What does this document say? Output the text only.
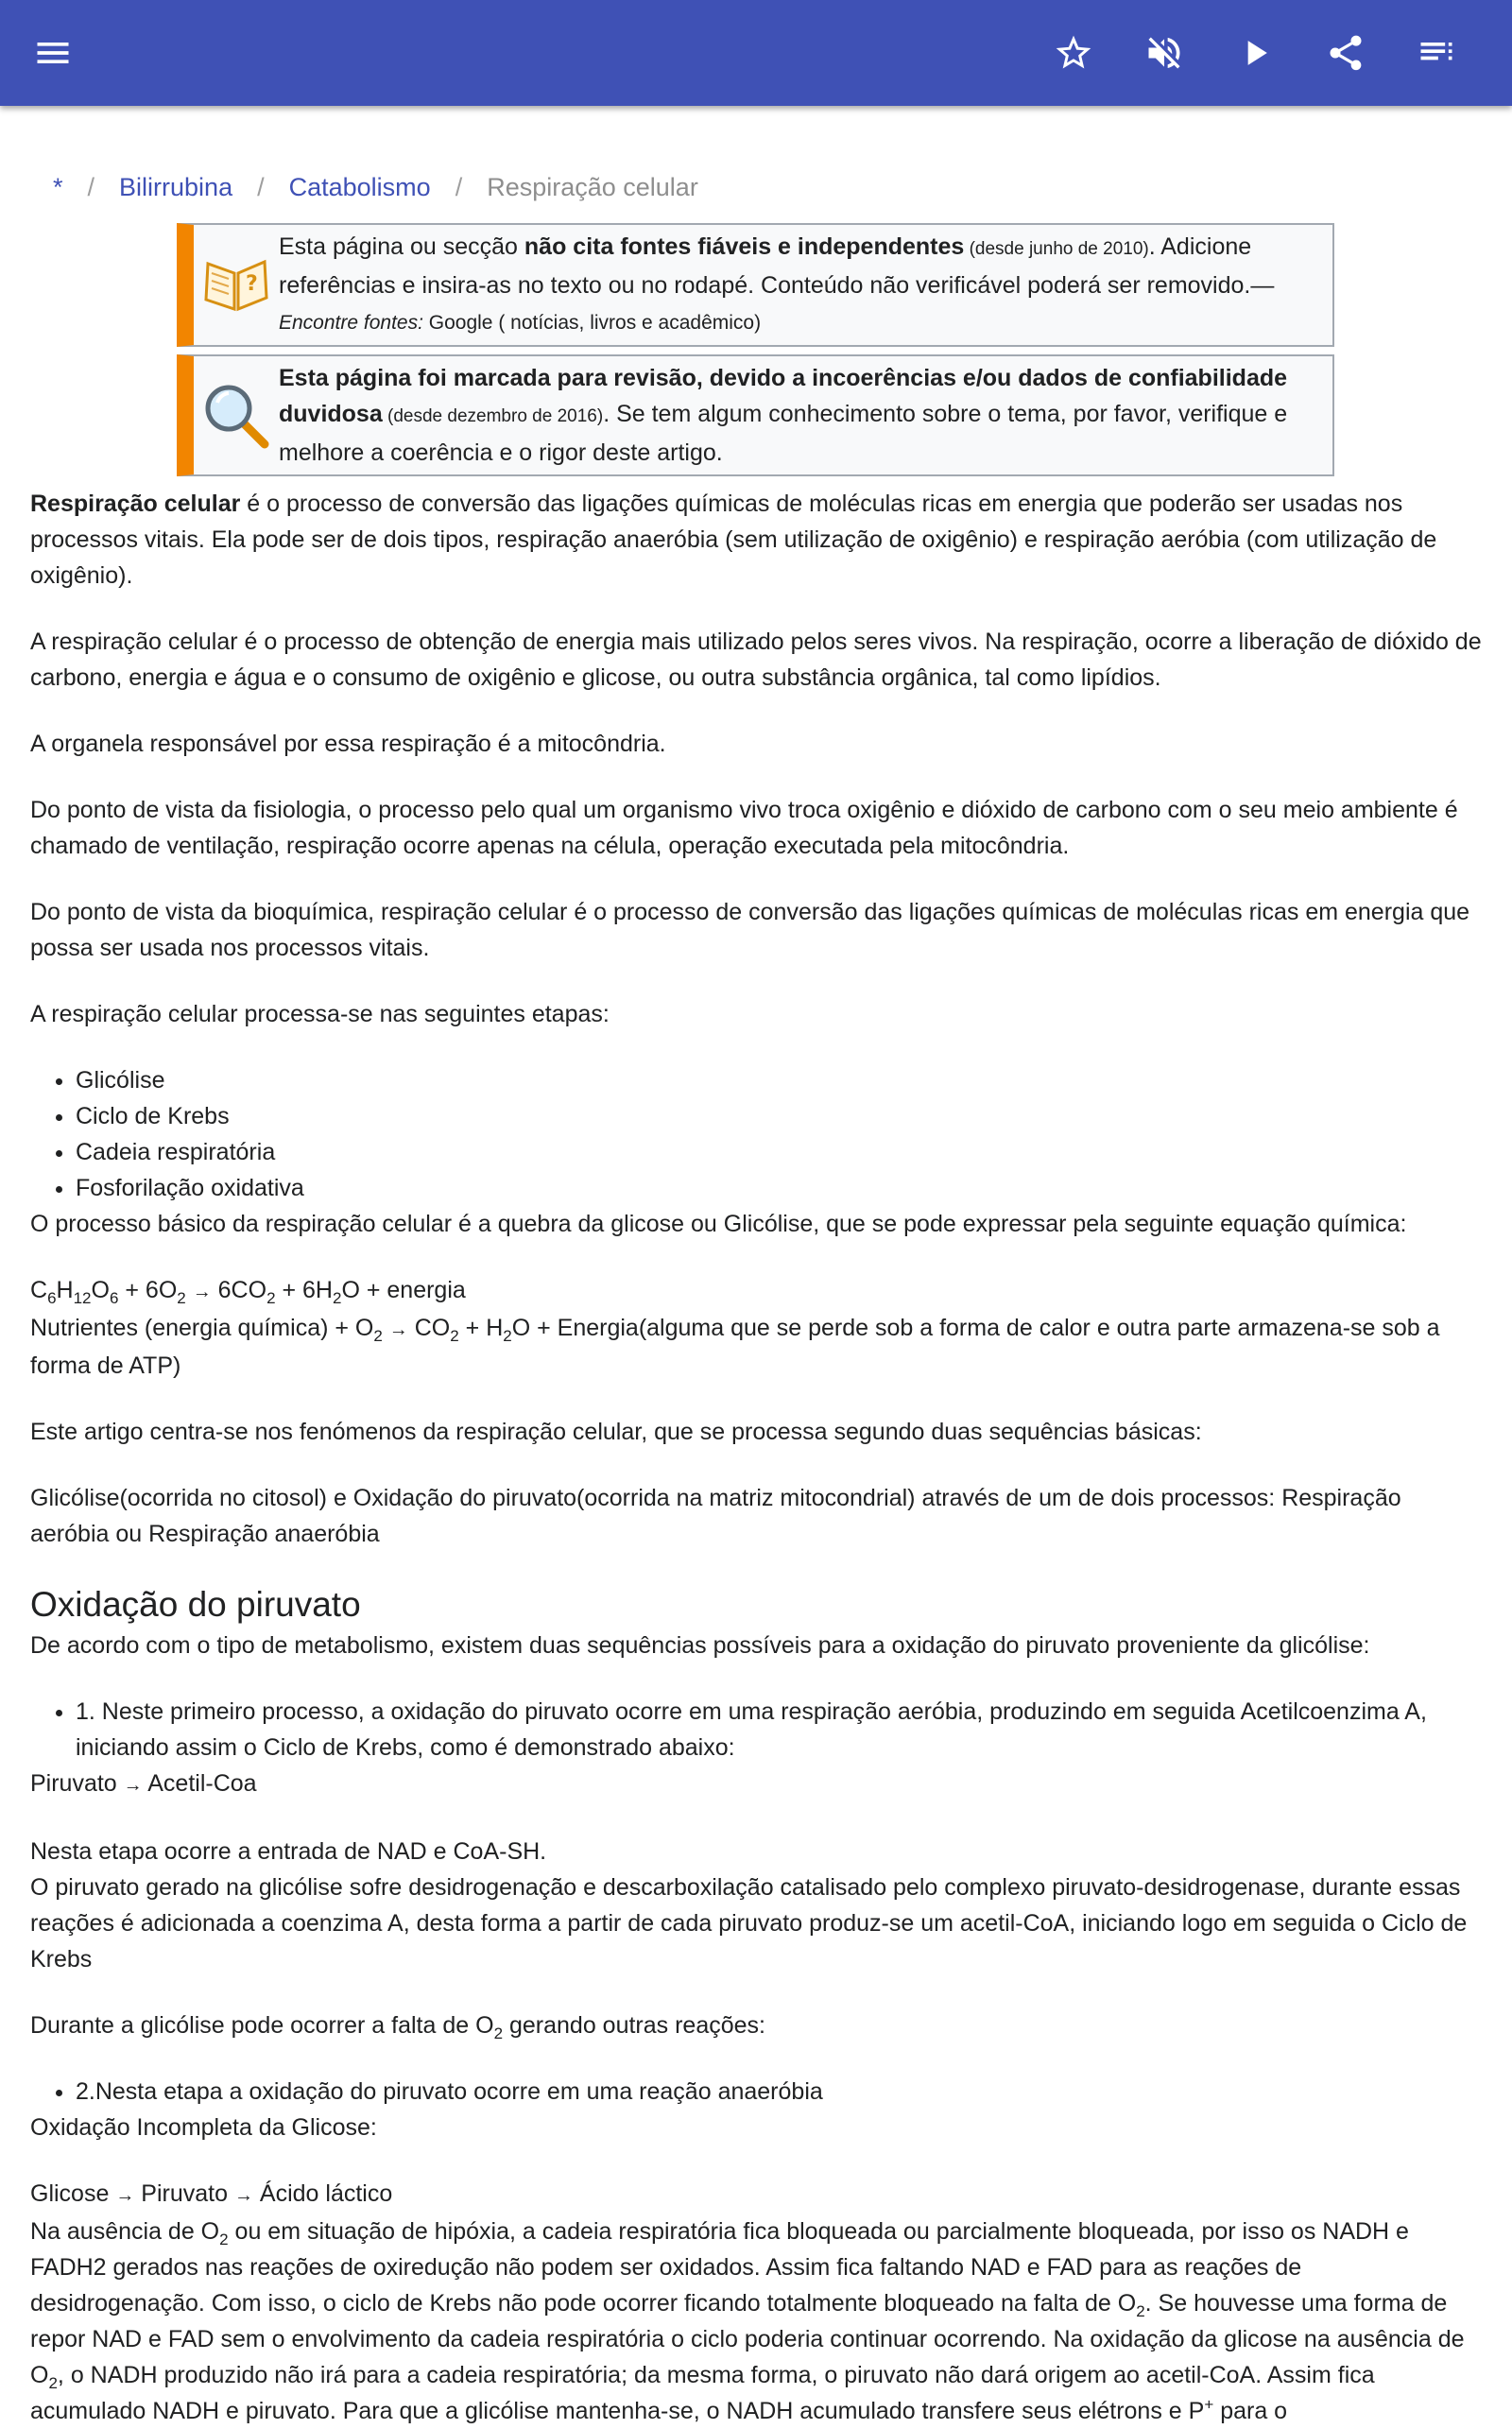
* / Bilirrubina / Catabolismo / Respiração celular
?
Esta página ou secção não cita fontes fiáveis e independentes (desde junho de 2010). Adicione referências e insira-as no texto ou no rodapé. Conteúdo não verificável poderá ser removido.—
Encontre fontes: Google ( notícias, livros e acadêmico)
Esta página foi marcada para revisão, devido a incoerências e/ou dados de confiabilidade duvidosa (desde dezembro de 2016). Se tem algum conhecimento sobre o tema, por favor, verifique e melhore a coerência e o rigor deste artigo.

Respiração celular é o processo de conversão das ligações químicas de moléculas ricas em energia que poderão ser usadas nos processos vitais. Ela pode ser de dois tipos, respiração anaeróbia (sem utilização de oxigênio) e respiração aeróbia (com utilização de oxigênio).

A respiração celular é o processo de obtenção de energia mais utilizado pelos seres vivos. Na respiração, ocorre a liberação de dióxido de carbono, energia e água e o consumo de oxigênio e glicose, ou outra substância orgânica, tal como lipídios.

A organela responsável por essa respiração é a mitocôndria.

Do ponto de vista da fisiologia, o processo pelo qual um organismo vivo troca oxigênio e dióxido de carbono com o seu meio ambiente é chamado de ventilação, respiração ocorre apenas na célula, operação executada pela mitocôndria.

Do ponto de vista da bioquímica, respiração celular é o processo de conversão das ligações químicas de moléculas ricas em energia que possa ser usada nos processos vitais.

A respiração celular processa-se nas seguintes etapas:

• Glicólise
• Ciclo de Krebs
• Cadeia respiratória
• Fosforilação oxidativa

O processo básico da respiração celular é a quebra da glicose ou Glicólise, que se pode expressar pela seguinte equação química:

$C_6H_{12}O_6 + 6O_2 \to 6CO_2 + 6H_2O$ + energia

Nutrientes (energia química) + $O_2 \to CO_2 + H_2O$ + Energia(alguma que se perde sob a forma de calor e outra parte armazena-se sob a forma de ATP)

Este artigo centra-se nos fenómenos da respiração celular, que se processa segundo duas sequências básicas:

Glicólise(ocorrida no citosol) e Oxidação do piruvato(ocorrida na matriz mitocondrial) através de um de dois processos: Respiração aeróbia ou Respiração anaeróbia

Oxidação do piruvato

De acordo com o tipo de metabolismo, existem duas sequências possíveis para a oxidação do piruvato proveniente da glicólise:

• 1. Neste primeiro processo, a oxidação do piruvato ocorre em uma respiração aeróbia, produzindo em seguida Acetilcoenzima A, iniciando assim o Ciclo de Krebs, como é demonstrado abaixo:

Piruvato → Acetil-Coa

Nesta etapa ocorre a entrada de NAD e CoA-SH.

O piruvato gerado na glicólise sofre desidrogenação e descarboxilação catalisado pelo complexo piruvato-desidrogenase, durante essas reações é adicionada a coenzima A, desta forma a partir de cada piruvato produz-se um acetil-CoA, iniciando logo em seguida o Ciclo de Krebs

Durante a glicólise pode ocorrer a falta de $O_2$ gerando outras reações:

• 2.Nesta etapa a oxidação do piruvato ocorre em uma reação anaeróbia

Oxidação Incompleta da Glicose:

Glicose → Piruvato → Ácido láctico

Na ausência de $O_2$ ou em situação de hipóxia, a cadeia respiratória fica bloqueada ou parcialmente bloqueada, por isso os NADH e FADH2 gerados nas reações de oxiredução não podem ser oxidados. Assim fica faltando NAD e FAD para as reações de desidrogenação. Com isso, o ciclo de Krebs não pode ocorrer ficando totalmente bloqueado na falta de $O_2$. Se houvesse uma forma de repor NAD e FAD sem o envolvimento da cadeia respiratória o ciclo poderia continuar ocorrendo. Na oxidação da glicose na ausência de $O_2$, o NADH produzido não irá para a cadeia respiratória; da mesma forma, o piruvato não dará origem ao acetil-CoA. Assim fica acumulado NADH e piruvato. Para que a glicólise mantenha-se, o NADH acumulado transfere seus elétrons e P+ para o
